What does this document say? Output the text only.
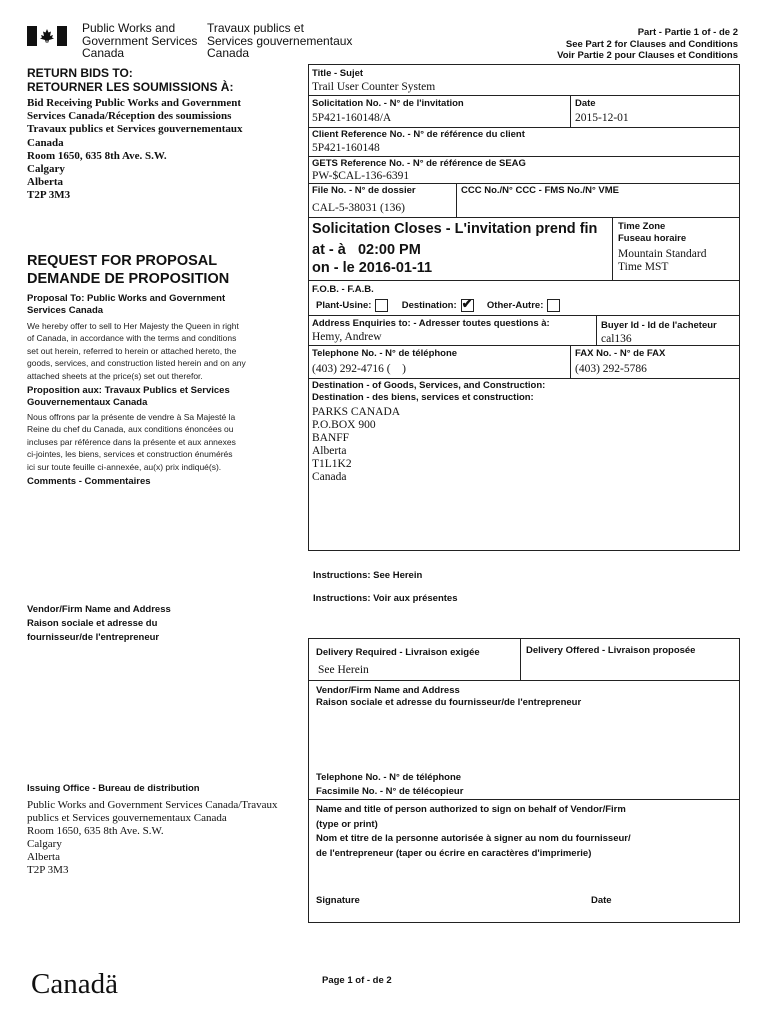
Public Works and
Government Services
Canada
Travaux publics et
Services gouvernementaux
Canada
Part - Partie 1 of - de 2
See Part 2 for Clauses and Conditions
Voir Partie 2 pour Clauses et Conditions
RETURN BIDS TO:
RETOURNER LES SOUMISSIONS À:
Bid Receiving Public Works and Government
Services Canada/Réception des soumissions
Travaux publics et Services gouvernementaux
Canada
Room 1650, 635 8th Ave. S.W.
Calgary
Alberta
T2P 3M3
REQUEST FOR PROPOSAL
DEMANDE DE PROPOSITION
Proposal To: Public Works and Government
Services Canada
We hereby offer to sell to Her Majesty the Queen in right
of Canada, in accordance with the terms and conditions
set out herein, referred to herein or attached hereto, the
goods, services, and construction listed herein and on any
attached sheets at the price(s) set out therefor.
Proposition aux: Travaux Publics et Services
Gouvernementaux Canada
Nous offrons par la présente de vendre à Sa Majesté la
Reine du chef du Canada, aux conditions énoncées ou
incluses par référence dans la présente et aux annexes
ci-jointes, les biens, services et construction énumérés
ici sur toute feuille ci-annexée, au(x) prix indiqué(s).
Comments - Commentaires
Vendor/Firm Name and Address
Raison sociale et adresse du
fournisseur/de l'entrepreneur
Issuing Office - Bureau de distribution
Public Works and Government Services Canada/Travaux
publics et Services gouvernementaux Canada
Room 1650, 635 8th Ave. S.W.
Calgary
Alberta
T2P 3M3
Canadä
Title - Sujet
Trail User Counter System
Solicitation No. - N° de l'invitation
5P421-160148/A
Date
2015-12-01
Client Reference No. - N° de référence du client
5P421-160148
GETS Reference No. - N° de référence de SEAG
PW-$CAL-136-6391
File No. - N° de dossier
CAL-5-38031 (136)
CCC No./N° CCC - FMS No./N° VME
Solicitation Closes - L'invitation prend fin
at - à 02:00 PM
on - le 2016-01-11
Time Zone
Fuseau horaire
Mountain Standard
Time MST
F.O.B. - F.A.B.
Plant-Usine:	Destination: ✔ Other-Autre:
Address Enquiries to: - Adresser toutes questions à:
Hemy, Andrew
Buyer Id - Id de l'acheteur
cal136
Telephone No. - N° de téléphone
(403) 292-4716 (    )
FAX No. - N° de FAX
(403) 292-5786
Destination - of Goods, Services, and Construction:
Destination - des biens, services et construction:
PARKS CANADA
P.O.BOX 900
BANFF
Alberta
T1L1K2
Canada
Instructions: See Herein
Instructions: Voir aux présentes
Delivery Required - Livraison exigée
See Herein
Delivery Offered - Livraison proposée
Vendor/Firm Name and Address
Raison sociale et adresse du fournisseur/de l'entrepreneur
Telephone No. - N° de téléphone
Facsimile No. - N° de télécopieur
Name and title of person authorized to sign on behalf of Vendor/Firm
(type or print)
Nom et titre de la personne autorisée à signer au nom du fournisseur/
de l'entrepreneur (taper ou écrire en caractères d'imprimerie)
Signature	Date
Page 1 of - de 2
